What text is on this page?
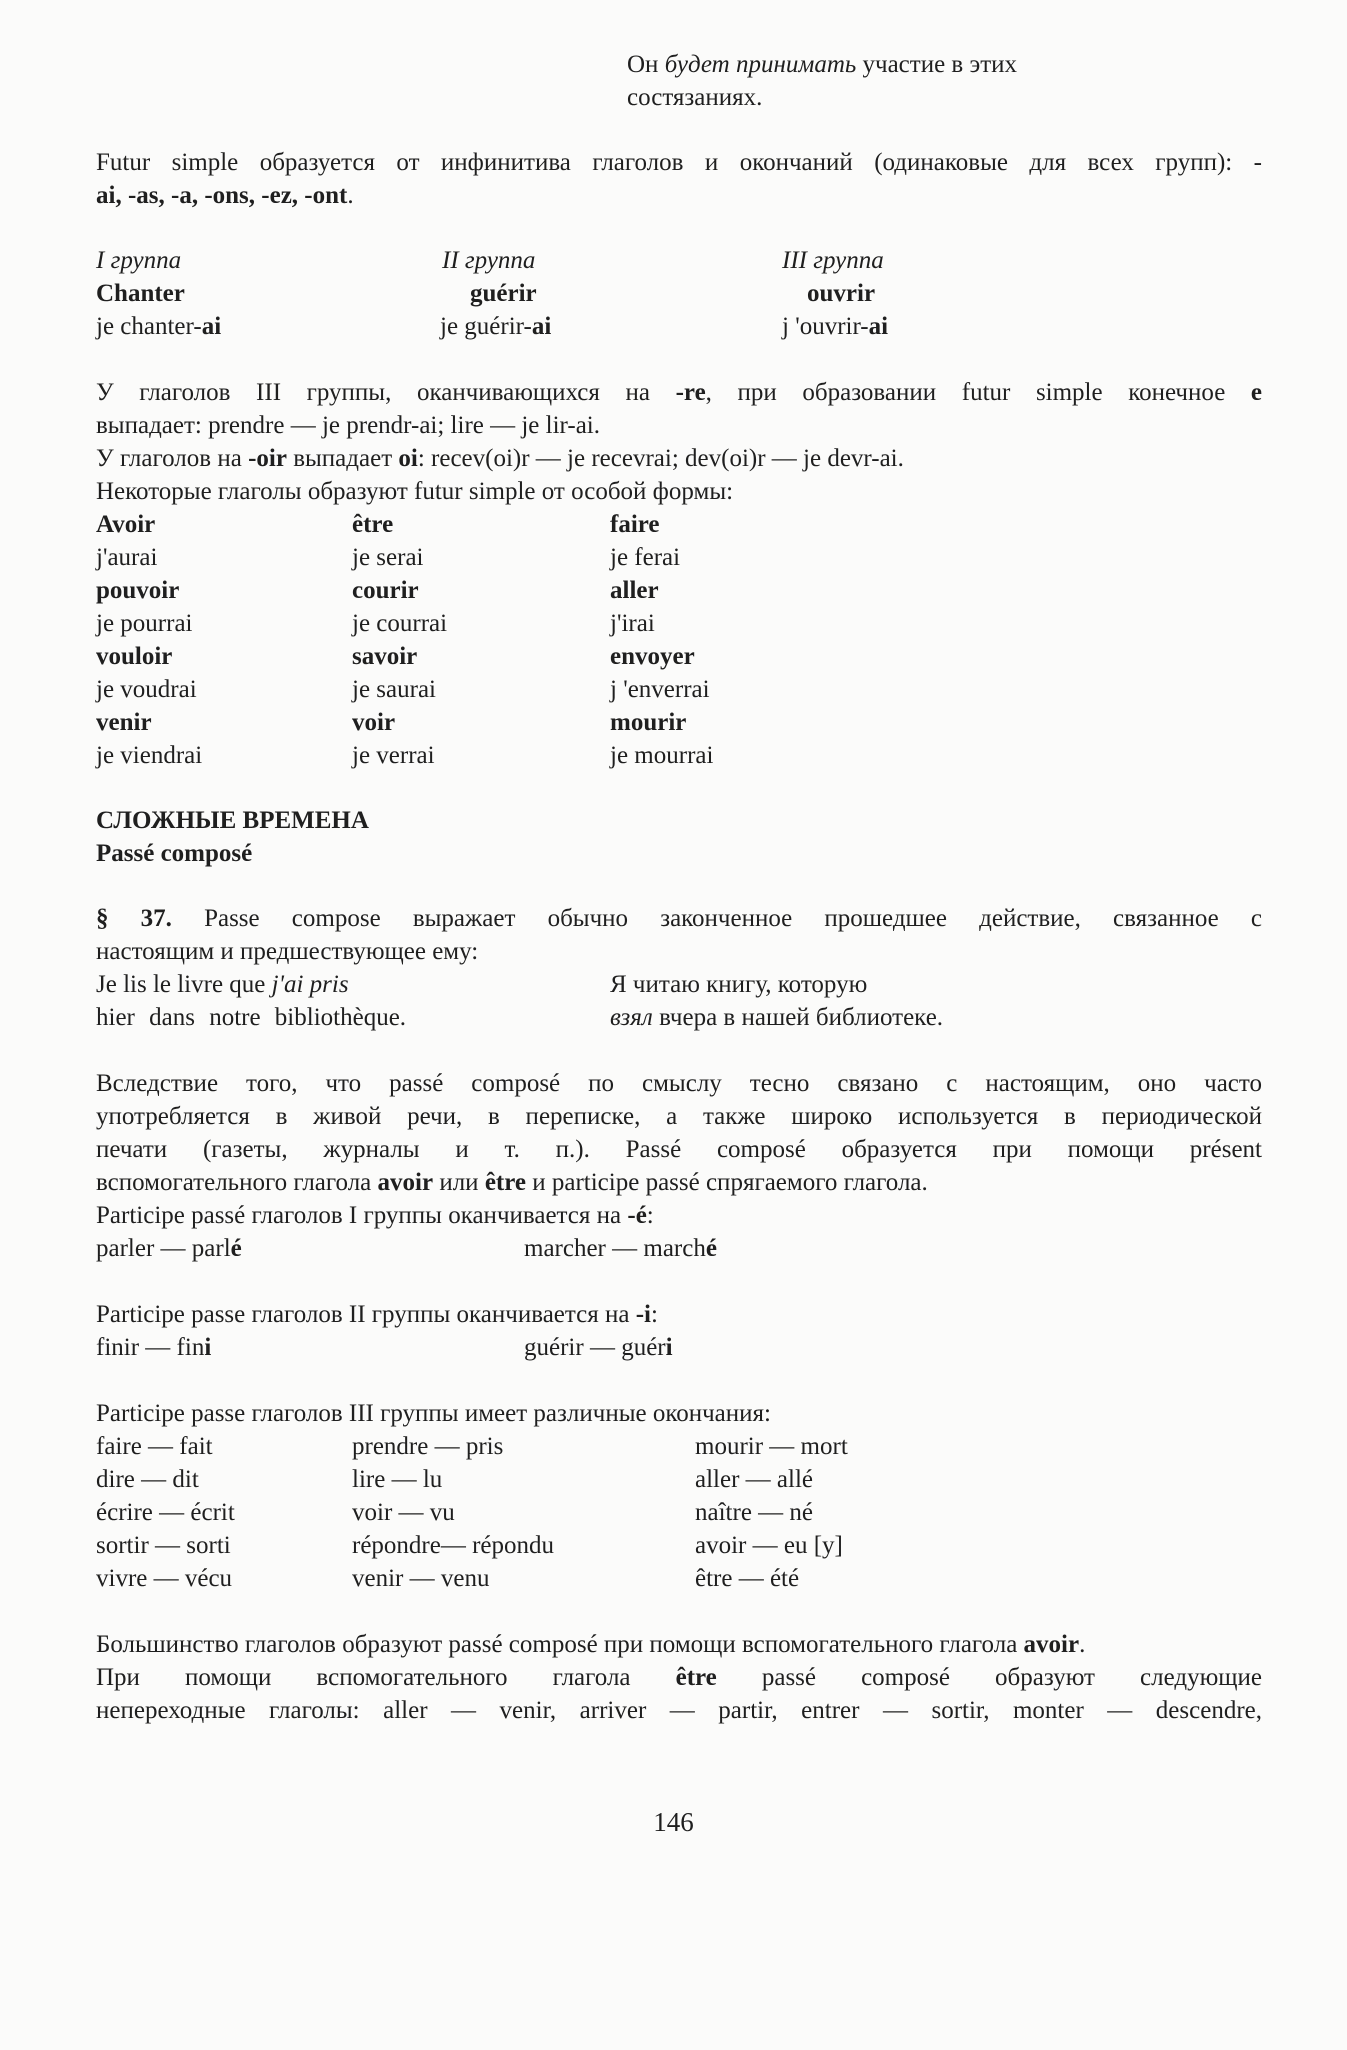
Он будет принимать участие в этих
состязаниях.
Futur simple образуется от инфинитива глаголов и окончаний (одинаковые для всех групп): -
ai, -as, -a, -ons, -ez, -ont.
I группа	II группа	III группа
Chanter	guérir	ouvrir
je chanter-ai	je guérir-ai	j 'ouvrir-ai
У глаголов III группы, оканчивающихся на -re, при образовании futur simple конечное e
выпадает: prendre — je prendr-ai; lire — je lir-ai.
У глаголов на -oir выпадает oi: recev(oi)r — je recevrai; dev(oi)r — je devr-ai.
Некоторые глаголы образуют futur simple от особой формы:
Avoir	être	faire
j'aurai	je serai	je ferai
pouvoir	courir	aller
je pourrai	je courrai	j'irai
vouloir	savoir	envoyer
je voudrai	je saurai	j 'enverrai
venir	voir	mourir
je viendrai	je verrai	je mourrai
СЛОЖНЫЕ ВРЕМЕНА
Passé composé
§ 37. Passe compose выражает обычно законченное прошедшее действие, связанное с
настоящим и предшествующее ему:
Je lis le livre que j'ai pris
hier dans notre bibliothèque.
Я читаю книгу, которую
взял вчера в нашей библиотеке.
Вследствие того, что passé composé по смыслу тесно связано с настоящим, оно часто
употребляется в живой речи, в переписке, а также широко используется в периодической
печати (газеты, журналы и т. п.). Passé composé образуется при помощи présent
вспомогательного глагола avoir или être и participe passé спрягаемого глагола.
Participe passé глаголов I группы оканчивается на -é:
parler — parlé	marcher — marché
Participe passe глаголов II группы оканчивается на -i:
finir — fini	guérir — guéri
Participe passe глаголов III группы имеет различные окончания:
faire — fait	prendre — pris	mourir — mort
dire — dit	lire — lu	aller — allé
écrire — écrit	voir — vu	naître — né
sortir — sorti	répondre— répondu	avoir — eu [y]
vivre — vécu	venir — venu	être — été
Большинство глаголов образуют passé composé при помощи вспомогательного глагола avoir.
При помощи вспомогательного глагола être passé composé образуют следующие
непереходные глаголы: aller — venir, arriver — partir, entrer — sortir, monter — descendre,
146
